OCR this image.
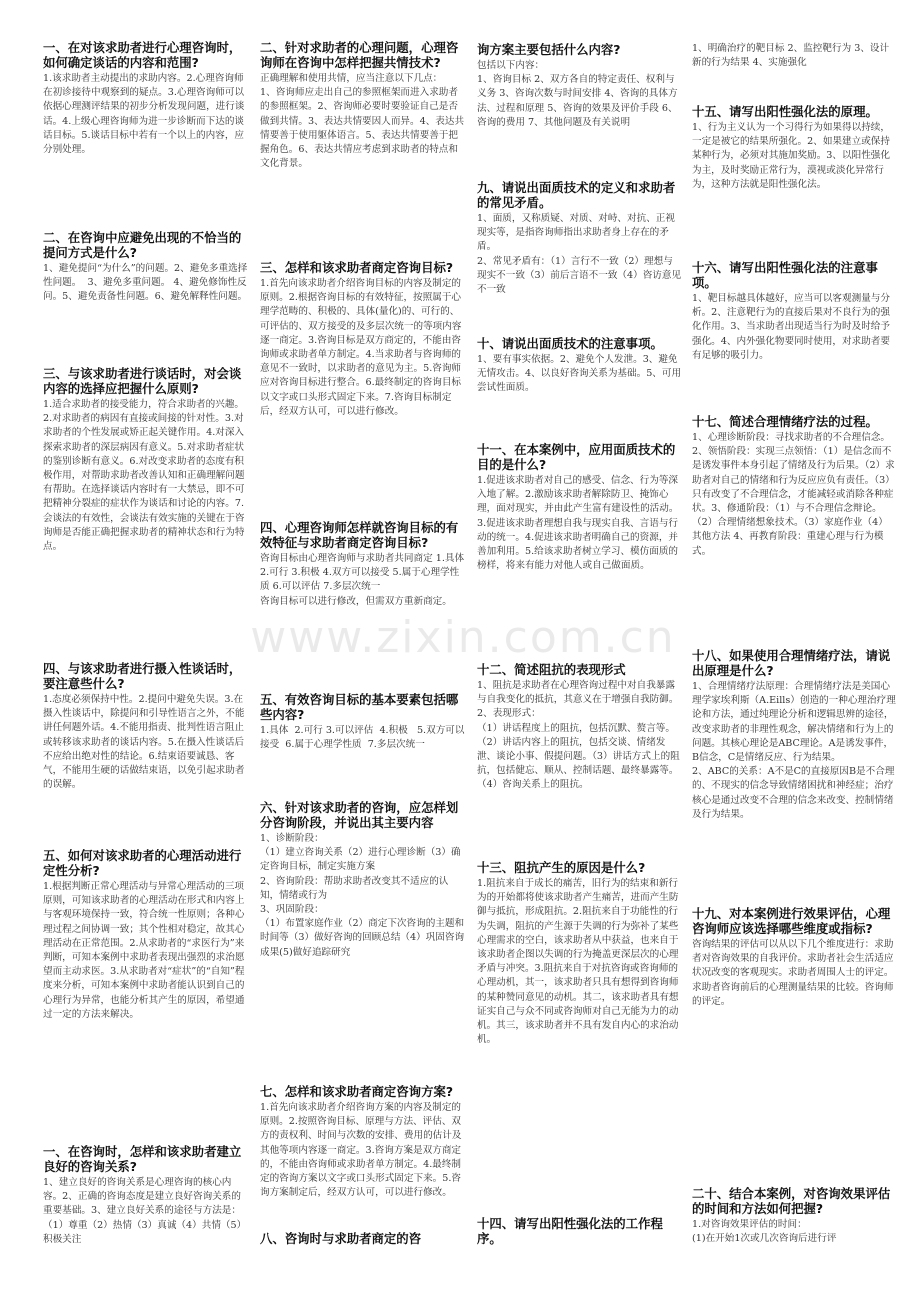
www.zixin.com.cn
一、在对该求助者进行心理咨询时，如何确定谈话的内容和范围?

1.该求助者主动提出的求助内容。2.心理咨询师在初诊接待中观察到的疑点。3.心理咨询师可以依据心理测评结果的初步分析发现问题，进行谈话。4.上级心理咨询师为进一步诊断而下达的谈话目标。5.谈话目标中若有一个以上的内容，应分别处理。

二、在咨询中应避免出现的不恰当的提问方式是什么?

1、避免提问“为什么”的问题。2、避免多重选择性问题。  3、避免多重问题。 4、避免修饰性反问。5、避免责备性问题。6、避免解释性问题。

三、与该求助者进行谈话时，对会谈内容的选择应把握什么原则?

1.适合求助者的接受能力，符合求助者的兴趣。2.对求助者的病因有直接或间接的针对性。3.对求助者的个性发展或矫正起关键作用。4.对深入探索求助者的深层病因有意义。5.对求助者症状的鉴别诊断有意义。6.对改变求助者的态度有积极作用，对帮助求助者改善认知和正确理解问题有帮助。在选择谈话内容时有一大禁忌，即不可把精神分裂症的症状作为谈话和讨论的内容。7.会谈法的有效性，会谈法有效实施的关键在于咨询师是否能正确把握求助者的精神状态和行为特点。

四、与该求助者进行摄入性谈话时，要注意些什么?

1.态度必须保持中性。2.提问中避免失误。3.在摄入性谈话中，除提问和引导性语言之外，不能讲任何题外话。4.不能用指责、批判性语言阻止或转移该求助者的谈话内容。5.在摄入性谈话后不应给出绝对性的结论。6.结束语要诚恳、客气，不能用生硬的话做结束语，以免引起求助者的误解。

五、如何对该求助者的心理活动进行定性分析?

1.根据判断正常心理活动与异常心理活动的三项原则，可知该求助者的心理活动在形式和内容上与客观环境保持一致，符合统一性原则；各种心理过程之间协调一致；其个性相对稳定，故其心理活动在正常范围。2.从求助者的“求医行为”来判断，可知本案例中求助者表现出强烈的求治愿望而主动求医。3.从求助者对“症状”的“自知”程度来分析，可知本案例中求助者能认识到自己的心理行为异常，也能分析其产生的原因，希望通过一定的方法来解决。

一、在咨询时，怎样和该求助者建立良好的咨询关系?

1、建立良好的咨询关系是心理咨询的核心内容。2、正确的咨询态度是建立良好咨询关系的重要基础。3、建立良好关系的途径与方法是：（1）尊重（2）热情（3）真诚（4）共情（5）积极关注

二、针对求助者的心理问题，心理咨询师在咨询中怎样把握共情技术?

正确理解和使用共情，应当注意以下几点：
1、咨询师应走出自己的参照框架而进入求助者的参照框架。2、咨询师必要时要验证自己是否做到共情。3、表达共情要因人而异。4、表达共情要善于使用躯体语言。5、表达共情要善于把握角色。6、表达共情应考虑到求助者的特点和文化背景。

三、怎样和该求助者商定咨询目标?

1.首先向该求助者介绍咨询目标的内容及制定的原则。2.根据咨询目标的有效特征，按照属于心理学范畴的、积极的、具体(量化)的、可行的、可评估的、双方接受的及多层次统一的等项内容逐一商定。3.咨询目标是双方商定的，不能由咨询师或求助者单方制定。4.当求助者与咨询师的意见不一致时，以求助者的意见为主。5.咨询师应对咨询目标进行整合。6.最终制定的咨询目标以文字或口头形式固定下来。7.咨询目标制定后，经双方认可，可以进行修改。

四、心理咨询师怎样就咨询目标的有效特征与求助者商定咨询目标?

咨询目标由心理咨询师与求助者共同商定 1.具体 2.可行 3.积极 4.双方可以接受 5.属于心理学性质 6.可以评估 7.多层次统一
咨询目标可以进行修改，但需双方重新商定。

五、有效咨询目标的基本要素包括哪些内容?

1.具体  2.可行 3.可以评估  4.积极   5.双方可以接受  6.属于心理学性质  7.多层次统一

六、针对该求助者的咨询，应怎样划分咨询阶段，并说出其主要内容

1、诊断阶段：
（1）建立咨询关系（2）进行心理诊断（3）确定咨询目标，制定实施方案
2、咨询阶段：帮助求助者改变其不适应的认知，情绪或行为
3、巩固阶段：
（1）布置家庭作业（2）商定下次咨询的主题和时间等（3）做好咨询的回顾总结（4）巩固咨询成果(5)做好追踪研究

七、怎样和该求助者商定咨询方案?

1.首先向该求助者介绍咨询方案的内容及制定的原则。2.按照咨询目标、原理与方法、评估、双方的责权利、时间与次数的安排、费用的估计及其他等项内容逐一商定。3.咨询方案是双方商定的，不能由咨询师或求助者单方制定。4.最终制定的咨询方案以文字或口头形式固定下来。5.咨询方案制定后，经双方认可，可以进行修改。

八、咨询时与求助者商定的咨
询方案主要包括什么内容?

包括以下内容：
1、咨询目标 2、双方各自的特定责任、权利与义务 3、咨询次数与时间安排 4、咨询的具体方法、过程和原理 5、咨询的效果及评价手段 6、咨询的费用 7、其他问题及有关说明

九、请说出面质技术的定义和求助者的常见矛盾。

1、面质，又称质疑、对质、对峙、对抗、正视现实等，是指咨询师指出求助者身上存在的矛盾。
2、常见矛盾有：（1）言行不一致（2）理想与现实不一致（3）前后言语不一致（4）咨访意见不一致

十、请说出面质技术的注意事项。

1、要有事实依据。2、避免个人发泄。3、避免无情攻击。4、以良好咨询关系为基础。5、可用尝试性面质。

十一、在本案例中，应用面质技术的目的是什么?

1.促进该求助者对自己的感受、信念、行为等深入地了解。2.激励该求助者解除防卫、掩饰心理，面对现实，并由此产生富有建设性的活动。3.促进该求助者理想自我与现实自我、言语与行动的统一。4.促进该求助者明确自己的资源，并善加利用。5.给该求助者树立学习、模仿面质的榜样，将来有能力对他人或自己做面质。

十二、简述阻抗的表现形式

1、阻抗是求助者在心理咨询过程中对自我暴露与自我变化的抵抗，其意义在于增强自我防御。
2、表现形式：
（1）讲话程度上的阻抗，包括沉默、赘言等。（2）讲话内容上的阻抗，包括交谈、情绪发泄、谈论小事、假提问题。（3）讲话方式上的阻抗，包括健忘、顺从、控制话题、最终暴露等。（4）咨询关系上的阻抗。

十三、阻抗产生的原因是什么?

1.阻抗来自于成长的痛苦，旧行为的结束和新行为的开始都将使该求助者产生痛苦，进而产生防御与抵抗，形成阻抗。2.阻抗来自于功能性的行为失调，阻抗的产生源于失调的行为弥补了某些心理需求的空白，该求助者从中获益，也来自于该求助者企图以失调的行为掩盖更深层次的心理矛盾与冲突。3.阻抗来自于对抗咨询或咨询师的心理动机，其一，该求助者只具有想得到咨询师的某种赞同意见的动机。其二，该求助者具有想证实自己与众不同或咨询师对自己无能为力的动机。其三，该求助者并不具有发自内心的求治动机。

十四、请写出阳性强化法的工作程序。

1、明确治疗的靶目标 2、监控靶行为 3、设计新的行为结果 4、实施强化

十五、请写出阳性强化法的原理。

1、行为主义认为一个习得行为如果得以持续，一定是被它的结果所强化。2、如果建立或保持某种行为，必须对其施加奖励。3、以阳性强化为主，及时奖励正常行为，漠视或淡化异常行为，这种方法就是阳性强化法。

十六、请写出阳性强化法的注意事项。

1、靶目标越具体越好，应当可以客观测量与分析。2、注意靶行为的直接后果对不良行为的强化作用。3、当求助者出现适当行为时及时给予强化。4、内外强化物要同时使用，对求助者要有足够的吸引力。

十七、简述合理情绪疗法的过程。

1、心理诊断阶段：寻找求助者的不合理信念。2、领悟阶段：实现三点领悟：（1）是信念而不是诱发事件本身引起了情绪及行为后果。（2）求助者对自己的情绪和行为反应应负有责任。（3）只有改变了不合理信念，才能减轻或消除各种症状。3、修通阶段：（1）与不合理信念辩论。（2）合理情绪想象技术。（3）家庭作业（4）其他方法 4、再教育阶段：重建心理与行为模式。

十八、如果使用合理情绪疗法，请说出原理是什么?

1、合理情绪疗法原理：合理情绪疗法是美国心理学家埃利斯（A.Eills）创造的一种心理治疗理论和方法，通过纯理论分析和逻辑思辨的途径，改变求助者的非理性观念，解决情绪和行为上的问题。其核心理论是ABC理论。A是诱发事件，B信念，C是情绪反应、行为结果。
2、ABC的关系：A不是C的直接原因B是不合理的、不现实的信念导致情绪困扰和神经症；治疗核心是通过改变不合理的信念来改变、控制情绪及行为结果。

十九、对本案例进行效果评估，心理咨询师应该选择哪些维度或指标?

咨询结果的评估可以从以下几个维度进行：求助者对咨询效果的自我评价。求助者社会生活适应状况改变的客观现实。求助者周围人士的评定。求助者咨询前后的心理测量结果的比较。咨询师的评定。

二十、结合本案例，对咨询效果评估的时间和方法如何把握?

1.对咨询效果评估的时间：
(1)在开始1次或几次咨询后进行评
